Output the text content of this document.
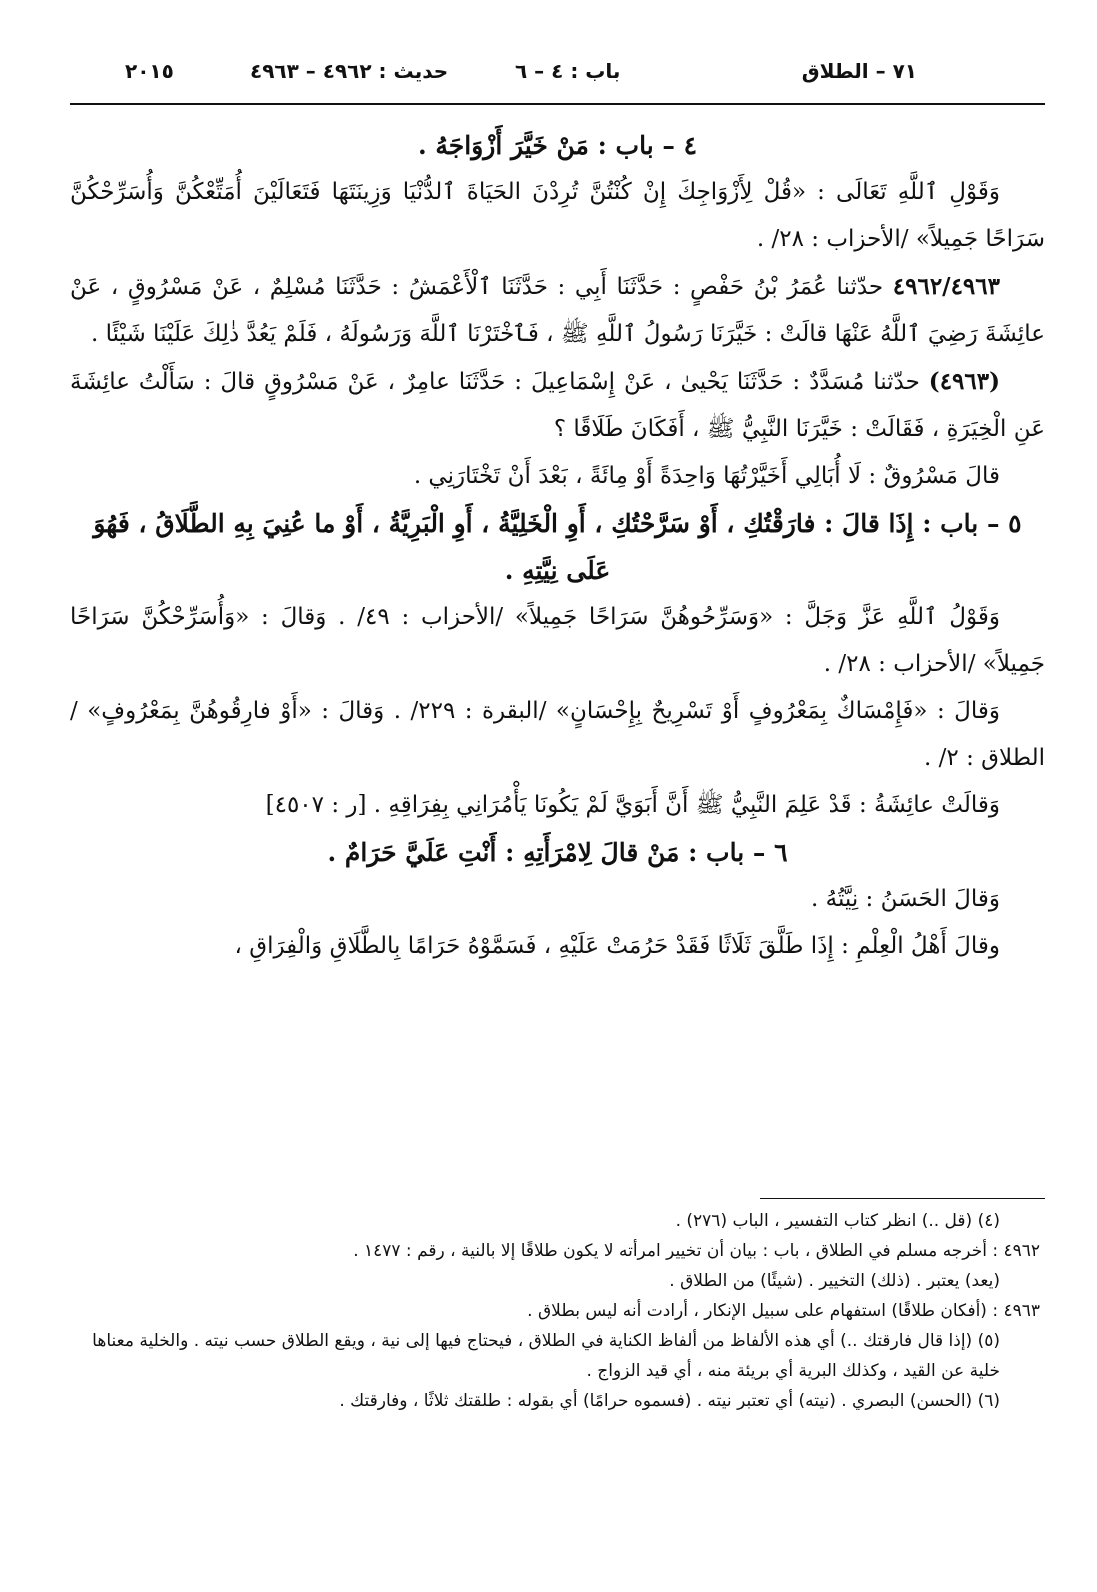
٧١ – الطلاق
باب : ٤ – ٦
حديث : ٤٩٦٢ – ٤٩٦٣
٢٠١٥

٤ – باب : مَنْ خَيَّرَ أَزْوَاجَهُ .

وَقَوْلِ ٱللَّهِ تَعَالَى : «قُلْ لِأَزْوَاجِكَ إِنْ كُنْتُنَّ تُرِدْنَ الحَيَاةَ ٱلدُّنْيَا وَزِينَتَهَا فَتَعَالَيْنَ أُمَتِّعْكُنَّ وَأُسَرِّحْكُنَّ سَرَاحًا جَمِيلاً» /الأحزاب : ٢٨/ .

٤٩٦٢/٤٩٦٣ حدّثنا عُمَرُ بْنُ حَفْصٍ : حَدَّثَنَا أَبِي : حَدَّثَنَا ٱلْأَعْمَشُ : حَدَّثَنَا مُسْلِمٌ ، عَنْ مَسْرُوقٍ ، عَنْ عائِشَةَ رَضِيَ ٱللَّهُ عَنْهَا قالَتْ : خَيَّرَنَا رَسُولُ ٱللَّهِ ﷺ ، فَٱخْتَرْنَا ٱللَّهَ وَرَسُولَهُ ، فَلَمْ يَعُدَّ ذٰلِكَ عَلَيْنَا شَيْئًا .

(٤٩٦٣) حدّثنا مُسَدَّدٌ : حَدَّثَنَا يَحْيىٰ ، عَنْ إِسْمَاعِيلَ : حَدَّثَنَا عامِرٌ ، عَنْ مَسْرُوقٍ قالَ : سَأَلْتُ عائِشَةَ عَنِ الْخِيَرَةِ ، فَقَالَتْ : خَيَّرَنَا النَّبِيُّ ﷺ ، أَفَكَانَ طَلَاقًا ؟

قالَ مَسْرُوقٌ : لَا أُبَالِي أَخَيَّرْتُهَا وَاحِدَةً أَوْ مِائَةً ، بَعْدَ أَنْ تَخْتَارَنِي .

٥ – باب : إِذَا قالَ : فارَقْتُكِ ، أَوْ سَرَّحْتُكِ ، أَوِ الْخَلِيَّةُ ، أَوِ الْبَرِيَّةُ ، أَوْ ما عُنِيَ بِهِ الطَّلَاقُ ، فَهُوَ عَلَى نِيَّتِهِ .

وَقَوْلُ ٱللَّهِ عَزَّ وَجَلَّ : «وَسَرِّحُوهُنَّ سَرَاحًا جَمِيلاً» /الأحزاب : ٤٩/ . وَقالَ : «وَأُسَرِّحْكُنَّ سَرَاحًا جَمِيلاً» /الأحزاب : ٢٨/ .

وَقالَ : «فَإِمْسَاكٌ بِمَعْرُوفٍ أَوْ تَسْرِيحٌ بِإِحْسَانٍ» /البقرة : ٢٢٩/ . وَقالَ : «أَوْ فارِقُوهُنَّ بِمَعْرُوفٍ» /الطلاق : ٢/ .

وَقالَتْ عائِشَةُ : قَدْ عَلِمَ النَّبِيُّ ﷺ أَنَّ أَبَوَيَّ لَمْ يَكُونَا يَأْمُرَانِي بِفِرَاقِهِ . [ر : ٤٥٠٧]

٦ – باب : مَنْ قالَ لِامْرَأَتِهِ : أَنْتِ عَلَيَّ حَرَامٌ .

وَقالَ الحَسَنُ : نِيَّتُهُ .

وقالَ أَهْلُ الْعِلْمِ : إِذَا طَلَّقَ ثَلَاثًا فَقَدْ حَرُمَتْ عَلَيْهِ ، فَسَمَّوْهُ حَرَامًا بِالطَّلَاقِ وَالْفِرَاقِ ،

(٤) (قل ..) انظر كتاب التفسير ، الباب (٢٧٦) .

٤٩٦٢ : أخرجه مسلم في الطلاق ، باب : بيان أن تخيير امرأته لا يكون طلاقًا إلا بالنية ، رقم : ١٤٧٧ .

(يعد) يعتبر . (ذلك) التخيير . (شيئًا) من الطلاق .

٤٩٦٣ : (أفكان طلاقًا) استفهام على سبيل الإنكار ، أرادت أنه ليس بطلاق .

(٥) (إذا قال فارقتك ..) أي هذه الألفاظ من ألفاظ الكناية في الطلاق ، فيحتاج فيها إلى نية ، ويقع الطلاق حسب نيته . والخلية معناها خلية عن القيد ، وكذلك البرية أي بريئة منه ، أي قيد الزواج .

(٦) (الحسن) البصري . (نيته) أي تعتبر نيته . (فسموه حرامًا) أي بقوله : طلقتك ثلاثًا ، وفارقتك .
